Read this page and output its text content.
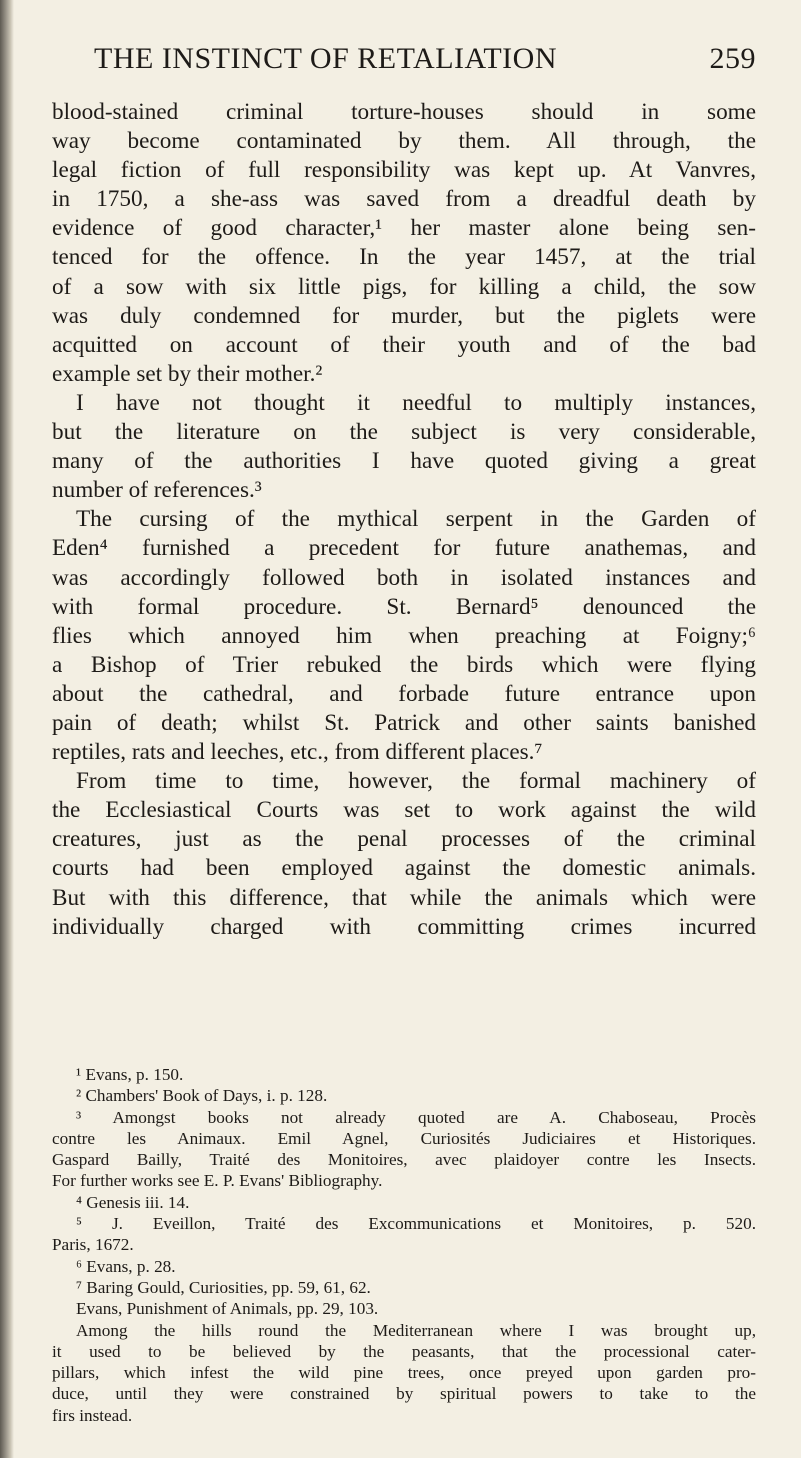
THE INSTINCT OF RETALIATION	259
blood-stained criminal torture-houses should in some
way become contaminated by them. All through, the
legal fiction of full responsibility was kept up. At Vanvres,
in 1750, a she-ass was saved from a dreadful death by
evidence of good character,¹ her master alone being sen-
tenced for the offence. In the year 1457, at the trial
of a sow with six little pigs, for killing a child, the sow
was duly condemned for murder, but the piglets were
acquitted on account of their youth and of the bad
example set by their mother.²
I have not thought it needful to multiply instances,
but the literature on the subject is very considerable,
many of the authorities I have quoted giving a great
number of references.³
The cursing of the mythical serpent in the Garden of
Eden⁴ furnished a precedent for future anathemas, and
was accordingly followed both in isolated instances and
with formal procedure. St. Bernard⁵ denounced the
flies which annoyed him when preaching at Foigny;⁶
a Bishop of Trier rebuked the birds which were flying
about the cathedral, and forbade future entrance upon
pain of death; whilst St. Patrick and other saints banished
reptiles, rats and leeches, etc., from different places.⁷
From time to time, however, the formal machinery of
the Ecclesiastical Courts was set to work against the wild
creatures, just as the penal processes of the criminal
courts had been employed against the domestic animals.
But with this difference, that while the animals which were
individually charged with committing crimes incurred
¹ Evans, p. 150.
² Chambers' Book of Days, i. p. 128.
³ Amongst books not already quoted are A. Chaboseau, Procès
contre les Animaux. Emil Agnel, Curiosités Judiciaires et Historiques.
Gaspard Bailly, Traité des Monitoires, avec plaidoyer contre les Insects.
For further works see E. P. Evans' Bibliography.
⁴ Genesis iii. 14.
⁵ J. Eveillon, Traité des Excommunications et Monitoires, p. 520.
Paris, 1672.
⁶ Evans, p. 28.
⁷ Baring Gould, Curiosities, pp. 59, 61, 62.
Evans, Punishment of Animals, pp. 29, 103.
Among the hills round the Mediterranean where I was brought up,
it used to be believed by the peasants, that the processional cater-
pillars, which infest the wild pine trees, once preyed upon garden pro-
duce, until they were constrained by spiritual powers to take to the
firs instead.
